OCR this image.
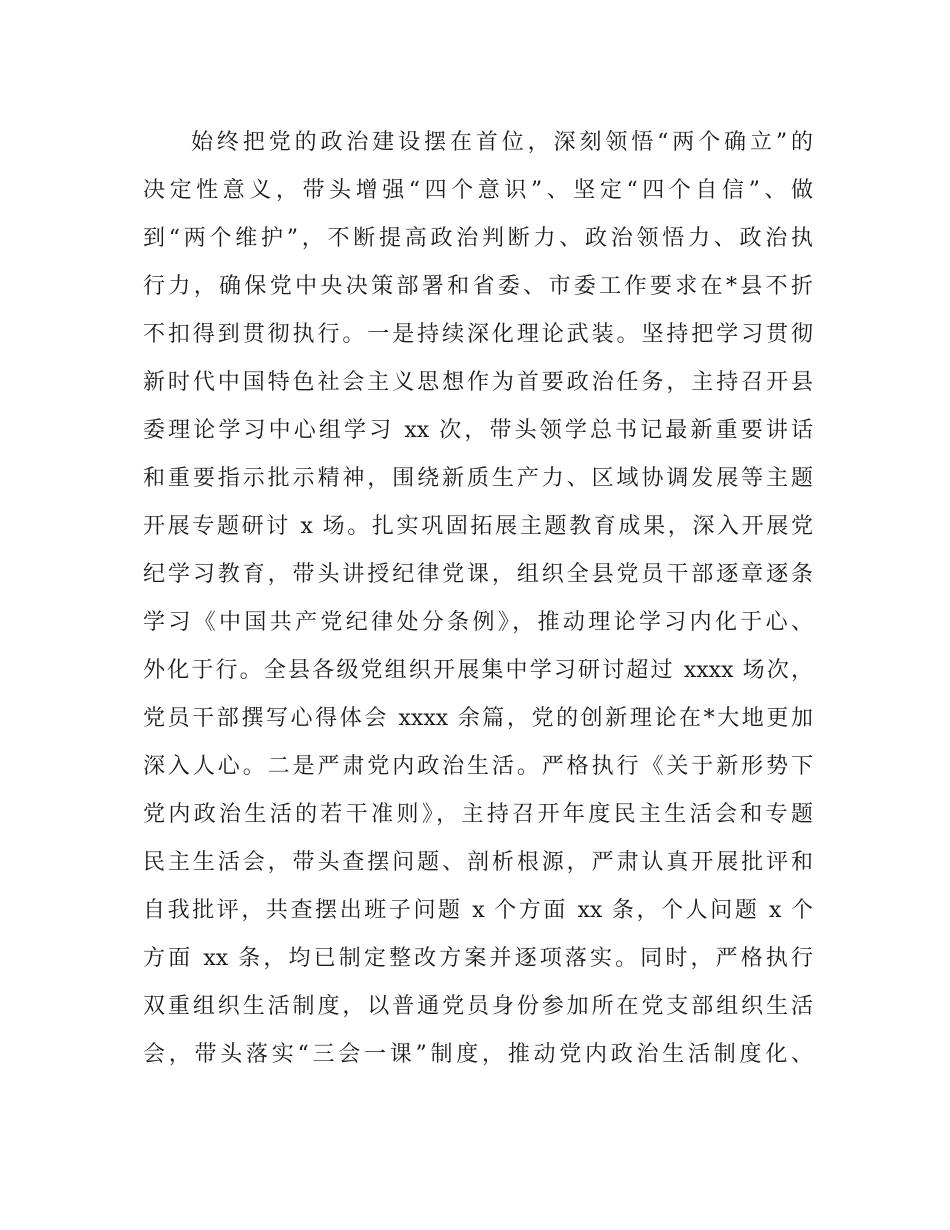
始终把党的政治建设摆在首位，深刻领悟“两个确立”的
决定性意义，带头增强“四个意识”、坚定“四个自信”、做
到“两个维护”，不断提高政治判断力、政治领悟力、政治执
行力，确保党中央决策部署和省委、市委工作要求在*县不折
不扣得到贯彻执行。一是持续深化理论武装。坚持把学习贯彻
新时代中国特色社会主义思想作为首要政治任务，主持召开县
委理论学习中心组学习 xx 次，带头领学总书记最新重要讲话
和重要指示批示精神，围绕新质生产力、区域协调发展等主题
开展专题研讨 x 场。扎实巩固拓展主题教育成果，深入开展党
纪学习教育，带头讲授纪律党课，组织全县党员干部逐章逐条
学习《中国共产党纪律处分条例》，推动理论学习内化于心、
外化于行。全县各级党组织开展集中学习研讨超过 xxxx 场次，
党员干部撰写心得体会 xxxx 余篇，党的创新理论在*大地更加
深入人心。二是严肃党内政治生活。严格执行《关于新形势下
党内政治生活的若干准则》，主持召开年度民主生活会和专题
民主生活会，带头查摆问题、剖析根源，严肃认真开展批评和
自我批评，共查摆出班子问题 x 个方面 xx 条，个人问题 x 个
方面 xx 条，均已制定整改方案并逐项落实。同时，严格执行
双重组织生活制度，以普通党员身份参加所在党支部组织生活
会，带头落实“三会一课”制度，推动党内政治生活制度化、
